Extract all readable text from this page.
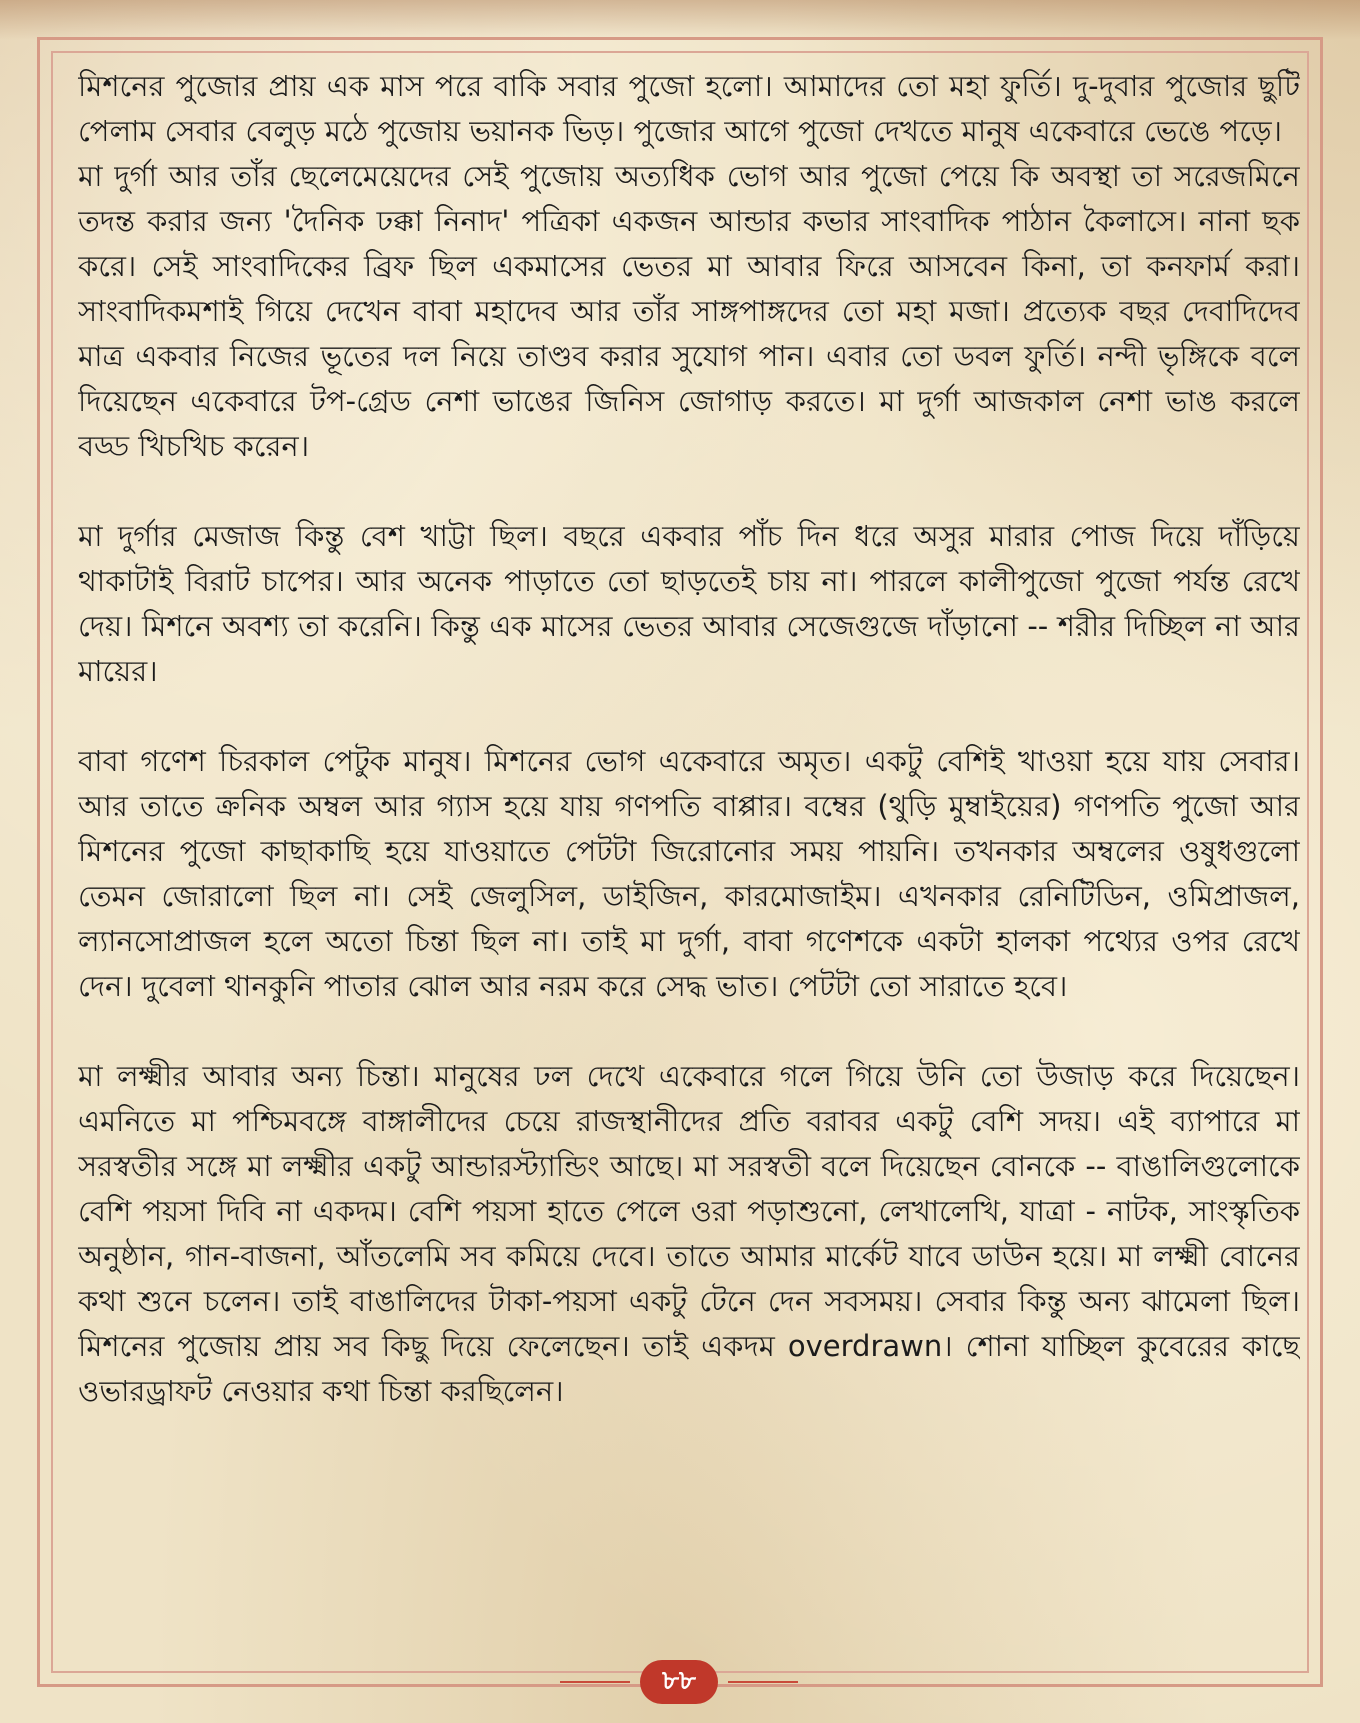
মিশনের পুজোর প্রায় এক মাস পরে বাকি সবার পুজো হলো। আমাদের তো মহা ফুর্তি। দু-দুবার পুজোর ছুটি পেলাম সেবার বেলুড় মঠে পুজোয় ভয়ানক ভিড়। পুজোর আগে পুজো দেখতে মানুষ একেবারে ভেঙে পড়ে।

মা দুর্গা আর তাঁর ছেলেমেয়েদের সেই পুজোয় অত্যধিক ভোগ আর পুজো পেয়ে কি অবস্থা তা সরেজমিনে তদন্ত করার জন্য 'দৈনিক ঢক্কা নিনাদ' পত্রিকা একজন আন্ডার কভার সাংবাদিক পাঠান কৈলাসে। নানা ছক করে। সেই সাংবাদিকের ব্রিফ ছিল একমাসের ভেতর মা আবার ফিরে আসবেন কিনা, তা কনফার্ম করা। সাংবাদিকমশাই গিয়ে দেখেন বাবা মহাদেব আর তাঁর সাঙ্গপাঙ্গদের তো মহা মজা। প্রত্যেক বছর দেবাদিদেব মাত্র একবার নিজের ভূতের দল নিয়ে তাণ্ডব করার সুযোগ পান। এবার তো ডবল ফুর্তি। নন্দী ভৃঙ্গিকে বলে দিয়েছেন একেবারে টপ-গ্রেড নেশা ভাঙের জিনিস জোগাড় করতে। মা দুর্গা আজকাল নেশা ভাঙ করলে বড্ড খিচখিচ করেন।

মা দুর্গার মেজাজ কিন্তু বেশ খাট্টা ছিল। বছরে একবার পাঁচ দিন ধরে অসুর মারার পোজ দিয়ে দাঁড়িয়ে থাকাটাই বিরাট চাপের। আর অনেক পাড়াতে তো ছাড়তেই চায় না। পারলে কালীপুজো পুজো পর্যন্ত রেখে দেয়। মিশনে অবশ্য তা করেনি। কিন্তু এক মাসের ভেতর আবার সেজেগুজে দাঁড়ানো -- শরীর দিচ্ছিল না আর মায়ের।

বাবা গণেশ চিরকাল পেটুক মানুষ। মিশনের ভোগ একেবারে অমৃত। একটু বেশিই খাওয়া হয়ে যায় সেবার। আর তাতে ক্রনিক অম্বল আর গ্যাস হয়ে যায় গণপতি বাপ্পার। বম্বের (থুড়ি মুম্বাইয়ের) গণপতি পুজো আর মিশনের পুজো কাছাকাছি হয়ে যাওয়াতে পেটটা জিরোনোর সময় পায়নি। তখনকার অম্বলের ওষুধগুলো তেমন জোরালো ছিল না। সেই জেলুসিল, ডাইজিন, কারমোজাইম। এখনকার রেনিটিডিন, ওমিপ্রাজল, ল্যানসোপ্রাজল হলে অতো চিন্তা ছিল না। তাই মা দুর্গা, বাবা গণেশকে একটা হালকা পথ্যের ওপর রেখে দেন। দুবেলা থানকুনি পাতার ঝোল আর নরম করে সেদ্ধ ভাত। পেটটা তো সারাতে হবে।

মা লক্ষ্মীর আবার অন্য চিন্তা। মানুষের ঢল দেখে একেবারে গলে গিয়ে উনি তো উজাড় করে দিয়েছেন। এমনিতে মা পশ্চিমবঙ্গে বাঙ্গালীদের চেয়ে রাজস্থানীদের প্রতি বরাবর একটু বেশি সদয়। এই ব্যাপারে মা সরস্বতীর সঙ্গে মা লক্ষ্মীর একটু আন্ডারস্ট্যান্ডিং আছে। মা সরস্বতী বলে দিয়েছেন বোনকে -- বাঙালিগুলোকে বেশি পয়সা দিবি না একদম। বেশি পয়সা হাতে পেলে ওরা পড়াশুনো, লেখালেখি, যাত্রা - নাটক, সাংস্কৃতিক অনুষ্ঠান, গান-বাজনা, আঁতলেমি সব কমিয়ে দেবে। তাতে আমার মার্কেট যাবে ডাউন হয়ে। মা লক্ষ্মী বোনের কথা শুনে চলেন। তাই বাঙালিদের টাকা-পয়সা একটু টেনে দেন সবসময়। সেবার কিন্তু অন্য ঝামেলা ছিল। মিশনের পুজোয় প্রায় সব কিছু দিয়ে ফেলেছেন। তাই একদম overdrawn। শোনা যাচ্ছিল কুবেরের কাছে ওভারড্রাফট নেওয়ার কথা চিন্তা করছিলেন।

৮৮
